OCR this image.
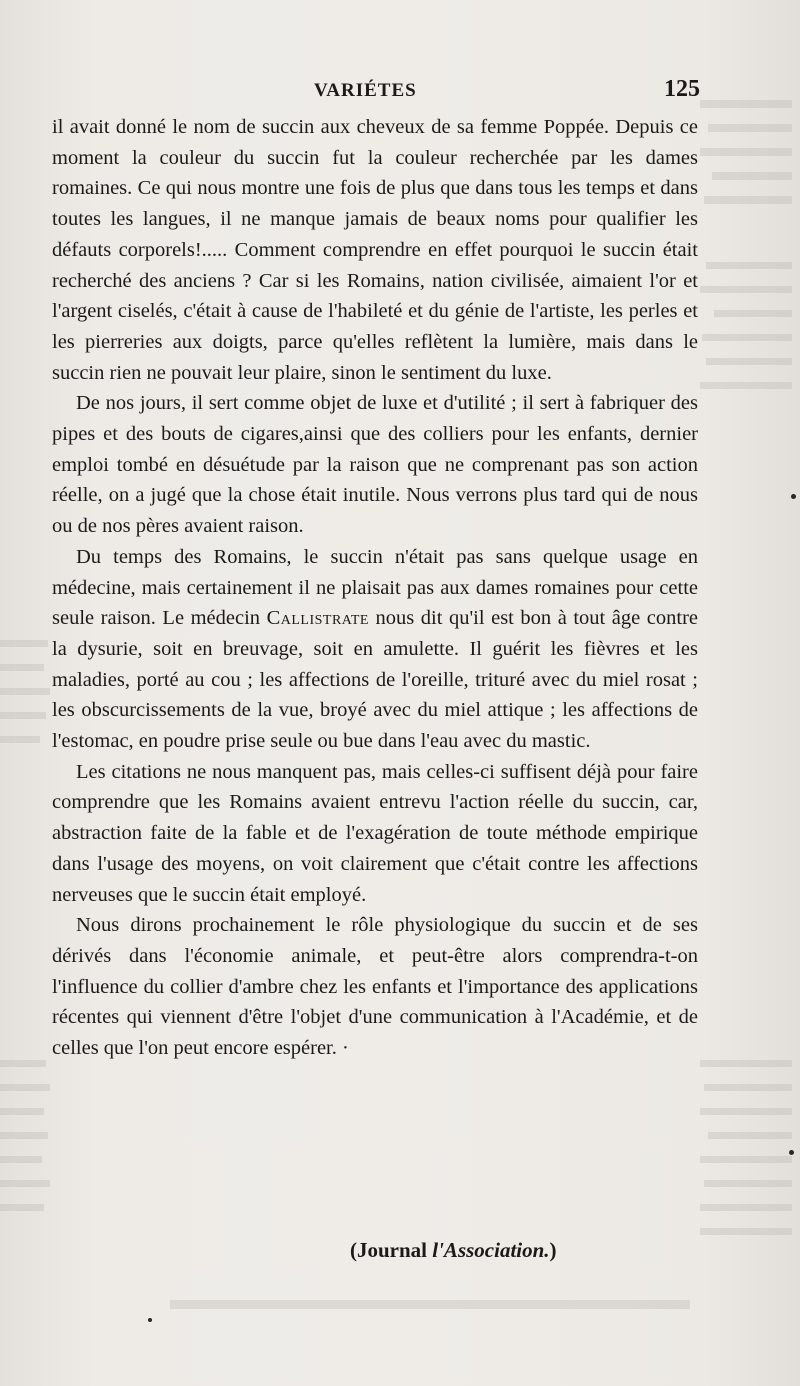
VARIÉTES	125

il avait donné le nom de succin aux cheveux de sa femme Poppée. Depuis ce moment la couleur du succin fut la couleur recherchée par les dames romaines. Ce qui nous montre une fois de plus que dans tous les temps et dans toutes les langues, il ne manque jamais de beaux noms pour qualifier les défauts corporels!..... Comment comprendre en effet pourquoi le succin était recherché des anciens ? Car si les Romains, nation civilisée, aimaient l'or et l'argent ciselés, c'était à cause de l'habileté et du génie de l'artiste, les perles et les pierreries aux doigts, parce qu'elles reflètent la lumière, mais dans le succin rien ne pouvait leur plaire, sinon le sentiment du luxe.

De nos jours, il sert comme objet de luxe et d'utilité ; il sert à fabriquer des pipes et des bouts de cigares,ainsi que des colliers pour les enfants, dernier emploi tombé en désuétude par la raison que ne comprenant pas son action réelle, on a jugé que la chose était inutile. Nous verrons plus tard qui de nous ou de nos pères avaient raison.

Du temps des Romains, le succin n'était pas sans quelque usage en médecine, mais certainement il ne plaisait pas aux dames romaines pour cette seule raison. Le médecin Callistrate nous dit qu'il est bon à tout âge contre la dysurie, soit en breuvage, soit en amulette. Il guérit les fièvres et les maladies, porté au cou ; les affections de l'oreille, trituré avec du miel rosat ; les obscurcissements de la vue, broyé avec du miel attique ; les affections de l'estomac, en poudre prise seule ou bue dans l'eau avec du mastic.

Les citations ne nous manquent pas, mais celles-ci suffisent déjà pour faire comprendre que les Romains avaient entrevu l'action réelle du succin, car, abstraction faite de la fable et de l'exagération de toute méthode empirique dans l'usage des moyens, on voit clairement que c'était contre les affections nerveuses que le succin était employé.

Nous dirons prochainement le rôle physiologique du succin et de ses dérivés dans l'économie animale, et peut-être alors comprendra-t-on l'influence du collier d'ambre chez les enfants et l'importance des applications récentes qui viennent d'être l'objet d'une communication à l'Académie, et de celles que l'on peut encore espérer. ·

(Journal l'Association.)
